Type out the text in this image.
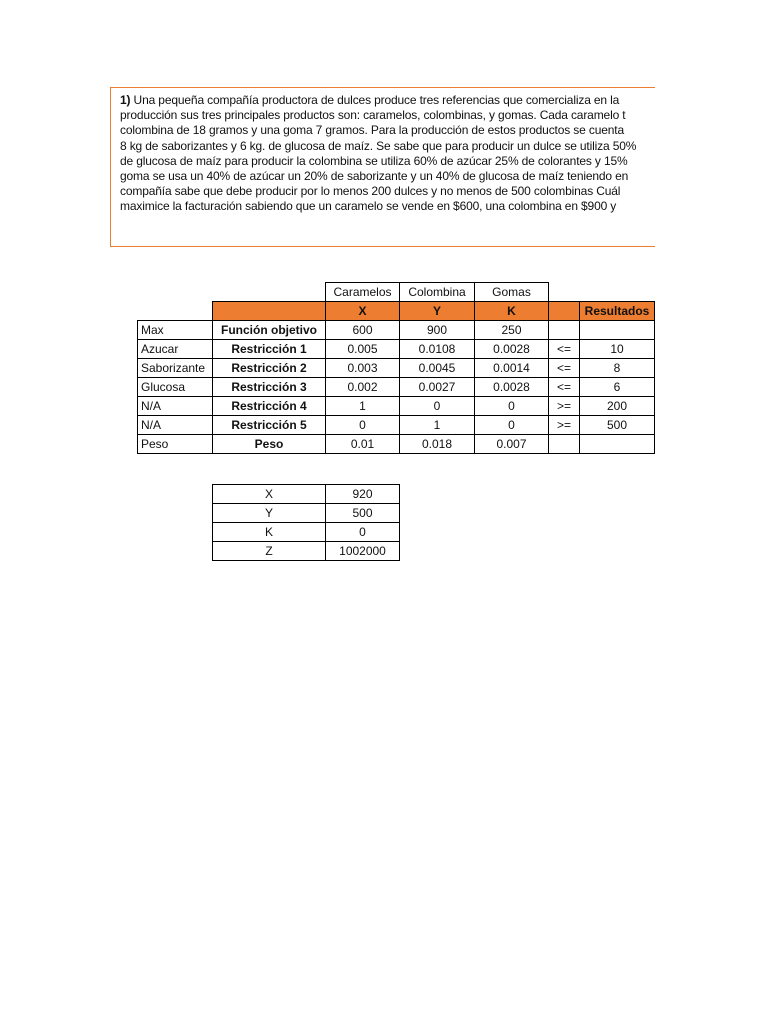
1) Una pequeña compañía productora de dulces produce tres referencias que comercializa en la
producción sus tres principales productos son: caramelos, colombinas, y gomas. Cada caramelo t
colombina de 18 gramos y una goma 7 gramos. Para la producción de estos productos se cuenta
8 kg de saborizantes y 6 kg. de glucosa de maíz. Se sabe que para producir un dulce se utiliza 50%
de glucosa de maíz para producir la colombina se utiliza 60% de azúcar 25% de colorantes y 15%
goma se usa un 40% de azúcar un 20% de saborizante y un 40% de glucosa de maíz teniendo en
compañía sabe que debe producir por lo menos 200 dulces y no menos de 500 colombinas Cuál
maximice la facturación sabiendo que un caramelo se vende en $600, una colombina en $900 y
		Caramelos	Colombina	Gomas		
		X	Y	K		Resultados
Max	Función objetivo	600	900	250		
Azucar	Restricción 1	0.005	0.0108	0.0028	<=	10
Saborizante	Restricción 2	0.003	0.0045	0.0014	<=	8
Glucosa	Restricción 3	0.002	0.0027	0.0028	<=	6
N/A	Restricción 4	1	0	0	>=	200
N/A	Restricción 5	0	1	0	>=	500
Peso	Peso	0.01	0.018	0.007		
X	920
Y	500
K	0
Z	1002000
